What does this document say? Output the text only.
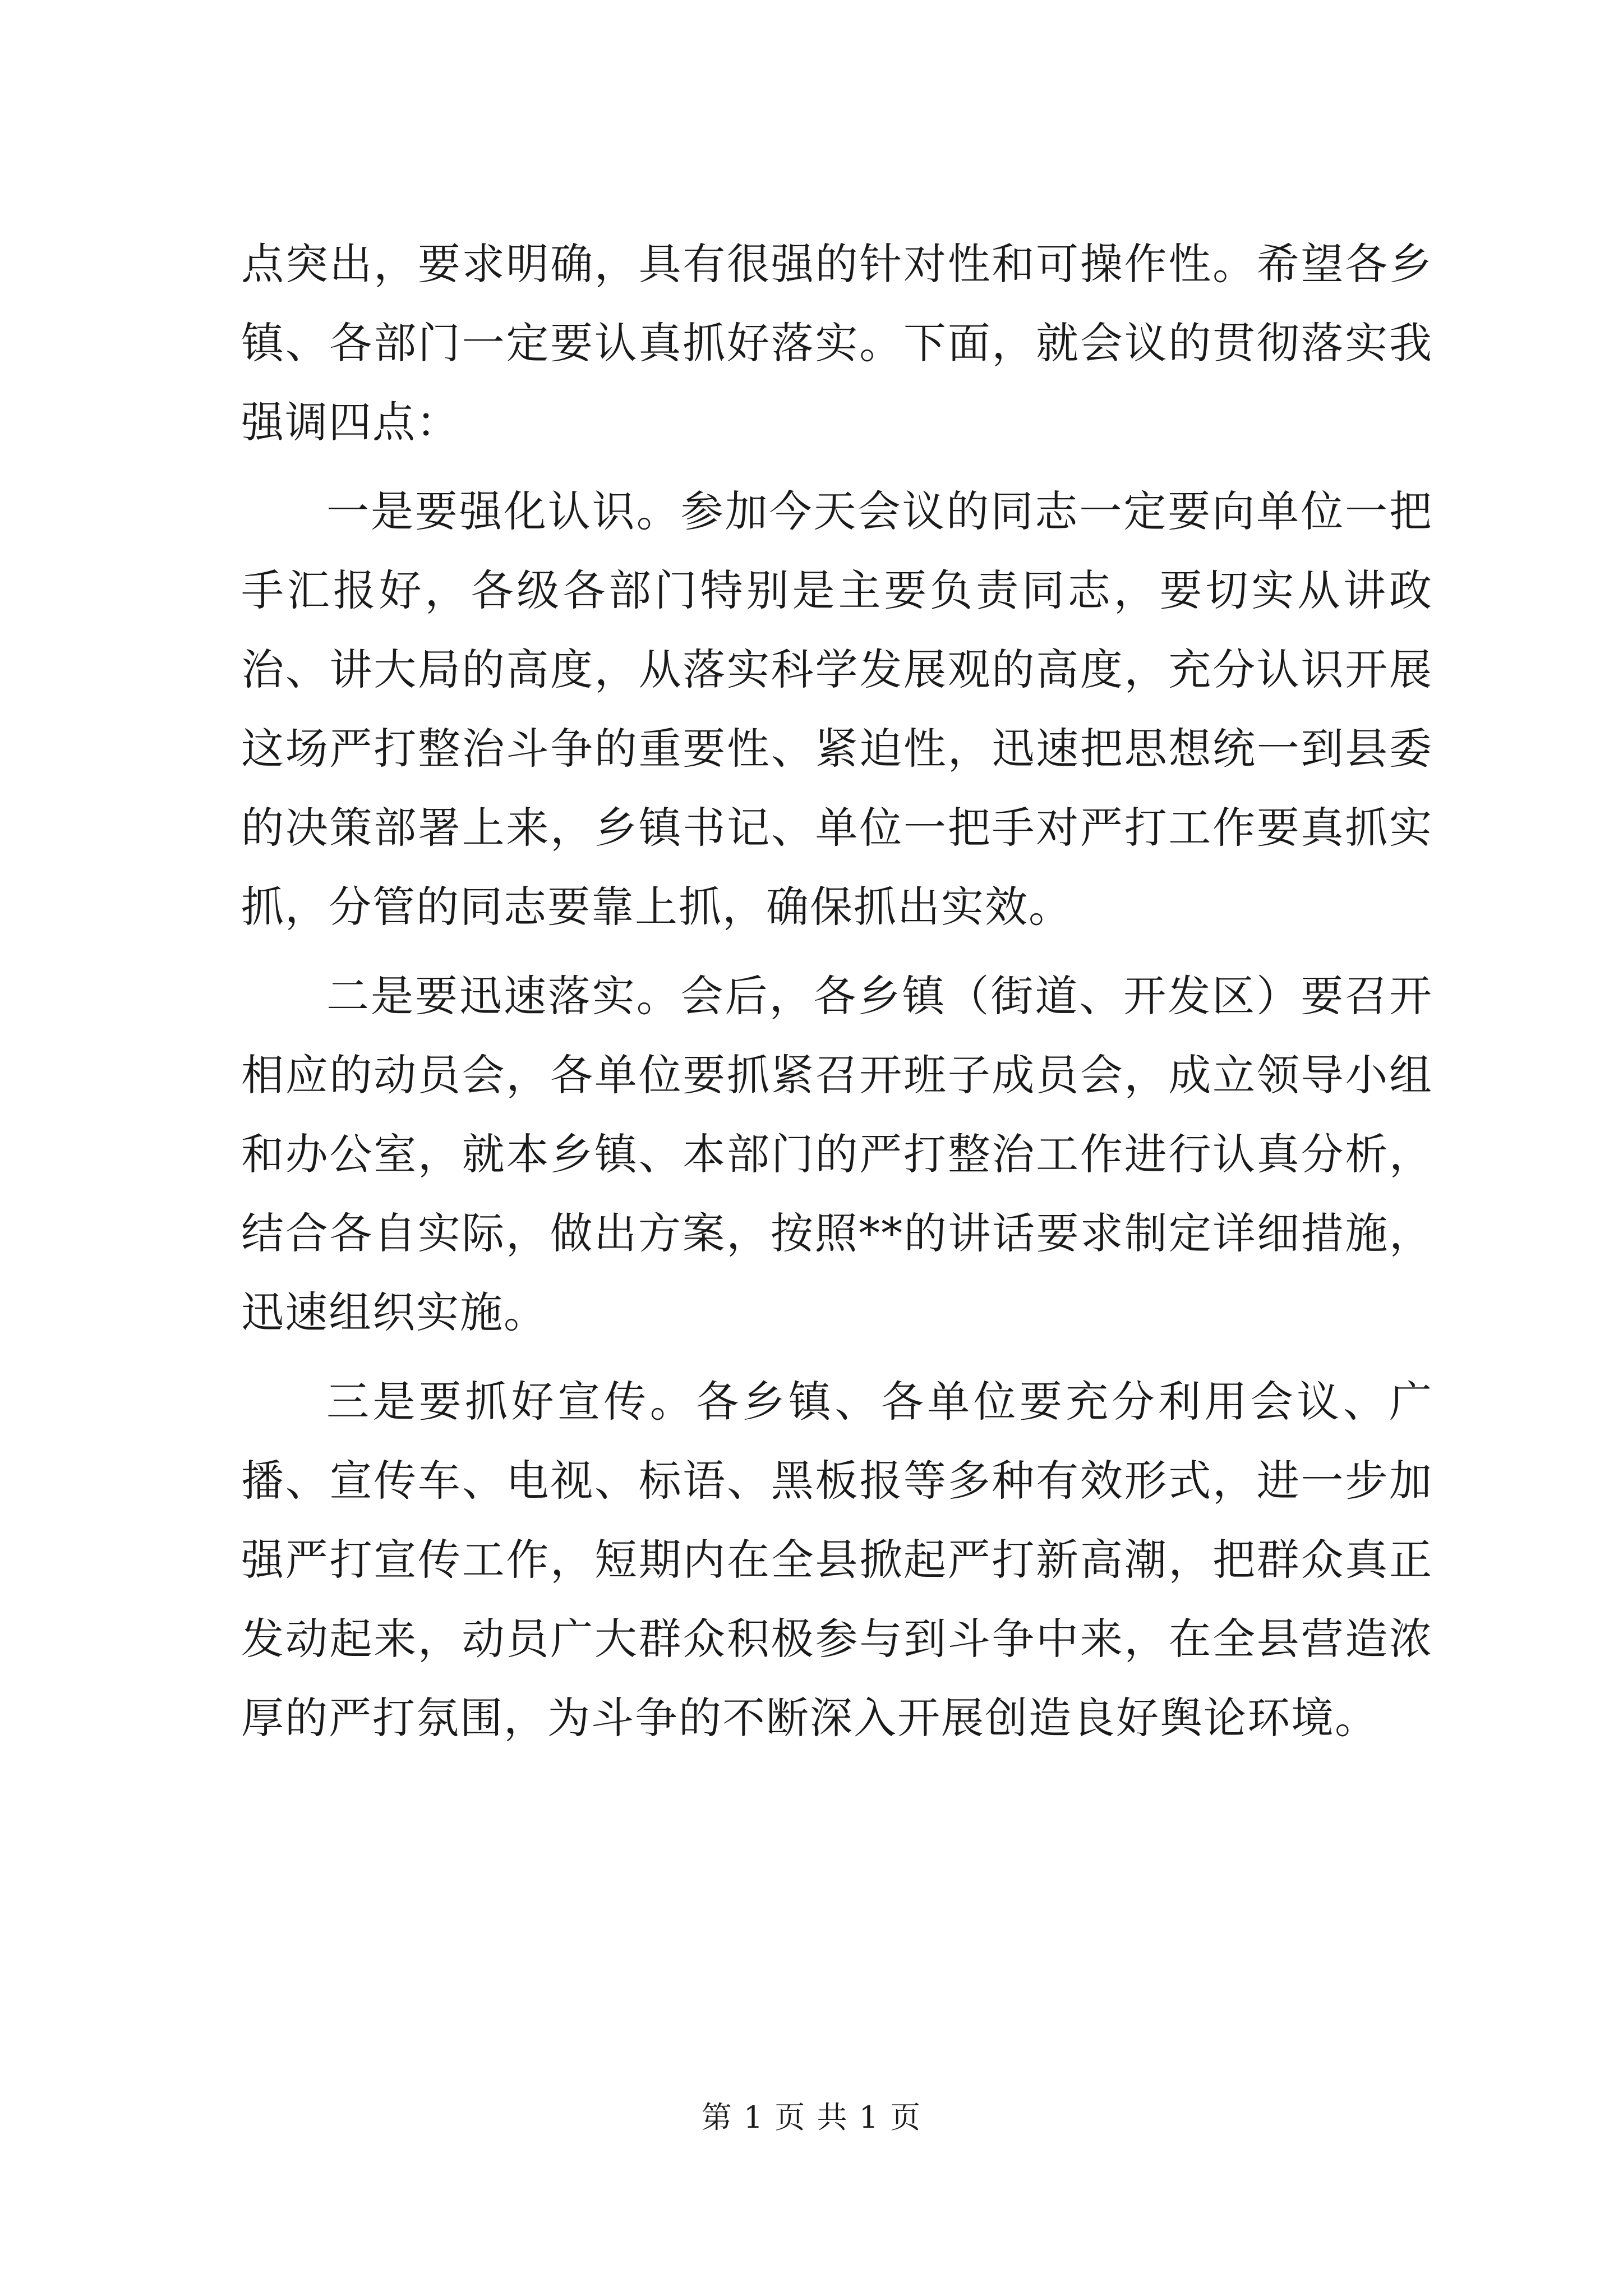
点突出，要求明确，具有很强的针对性和可操作性。希望各乡镇、各部门一定要认真抓好落实。下面，就会议的贯彻落实我强调四点：

一是要强化认识。参加今天会议的同志一定要向单位一把手汇报好，各级各部门特别是主要负责同志，要切实从讲政治、讲大局的高度，从落实科学发展观的高度，充分认识开展这场严打整治斗争的重要性、紧迫性，迅速把思想统一到县委的决策部署上来，乡镇书记、单位一把手对严打工作要真抓实抓，分管的同志要靠上抓，确保抓出实效。

二是要迅速落实。会后，各乡镇（街道、开发区）要召开相应的动员会，各单位要抓紧召开班子成员会，成立领导小组和办公室，就本乡镇、本部门的严打整治工作进行认真分析，结合各自实际，做出方案，按照**的讲话要求制定详细措施，迅速组织实施。

三是要抓好宣传。各乡镇、各单位要充分利用会议、广播、宣传车、电视、标语、黑板报等多种有效形式，进一步加强严打宣传工作，短期内在全县掀起严打新高潮，把群众真正发动起来，动员广大群众积极参与到斗争中来，在全县营造浓厚的严打氛围，为斗争的不断深入开展创造良好舆论环境。

第 1 页 共 1 页
